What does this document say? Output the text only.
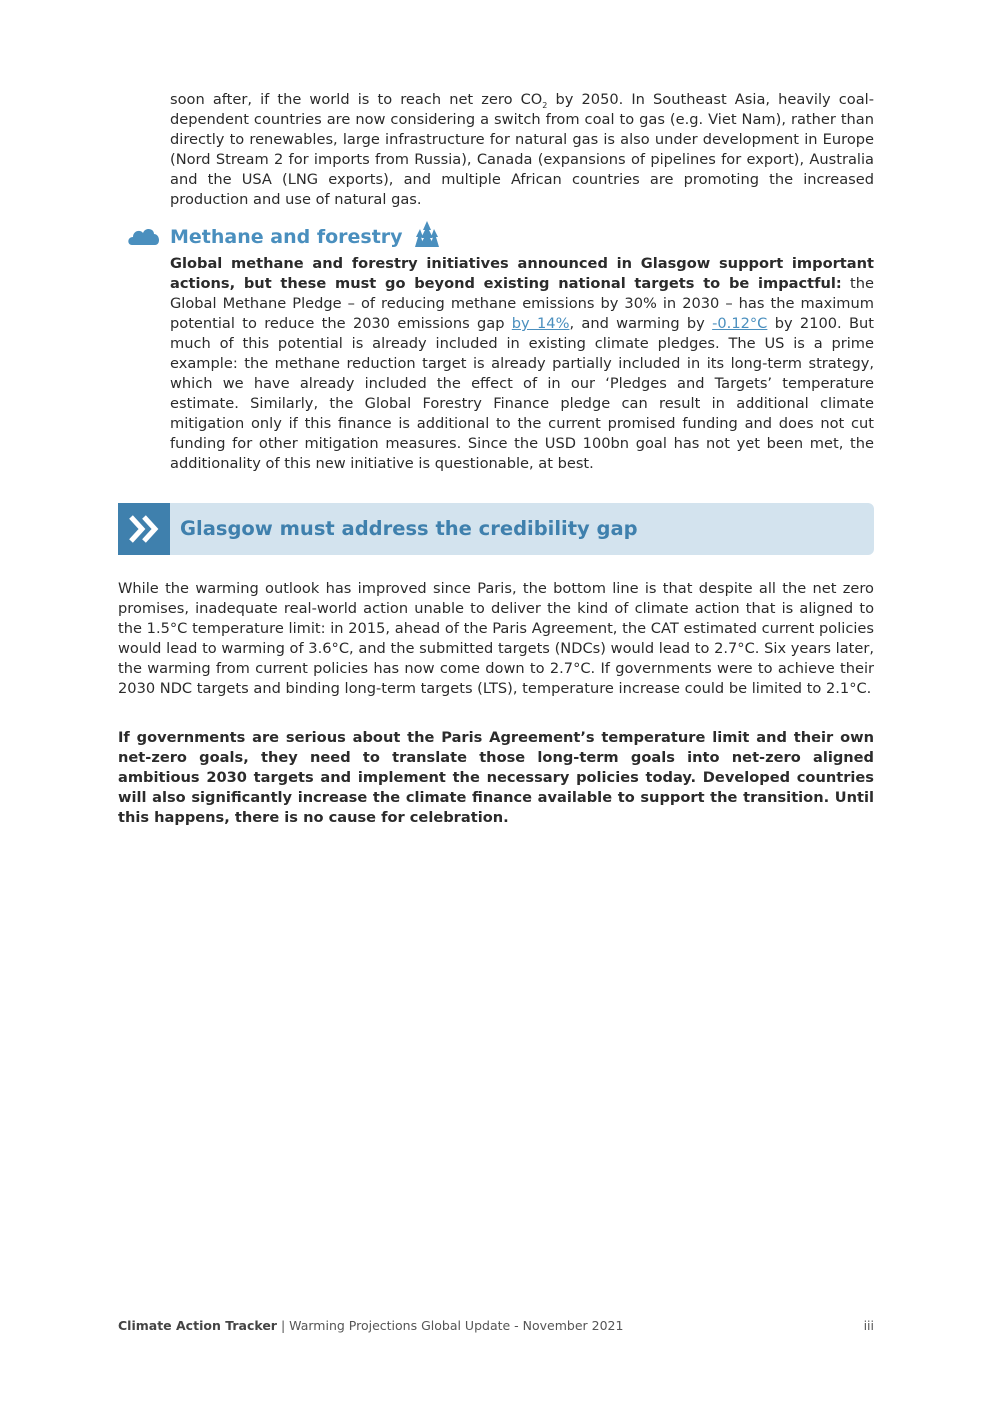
soon after, if the world is to reach net zero $CO_2$ by 2050. In Southeast Asia, heavily coal-dependent countries are now considering a switch from coal to gas (e.g. Viet Nam), rather than directly to renewables, large infrastructure for natural gas is also under development in Europe (Nord Stream 2 for imports from Russia), Canada (expansions of pipelines for export), Australia and the USA (LNG exports), and multiple African countries are promoting the increased production and use of natural gas.

Methane and forestry

Global methane and forestry initiatives announced in Glasgow support important actions, but these must go beyond existing national targets to be impactful: the Global Methane Pledge – of reducing methane emissions by 30% in 2030 – has the maximum potential to reduce the 2030 emissions gap by 14%, and warming by -0.12°C by 2100. But much of this potential is already included in existing climate pledges. The US is a prime example: the methane reduction target is already partially included in its long-term strategy, which we have already included the effect of in our ‘Pledges and Targets’ temperature estimate. Similarly, the Global Forestry Finance pledge can result in additional climate mitigation only if this finance is additional to the current promised funding and does not cut funding for other mitigation measures. Since the USD 100bn goal has not yet been met, the additionality of this new initiative is questionable, at best.

Glasgow must address the credibility gap

While the warming outlook has improved since Paris, the bottom line is that despite all the net zero promises, inadequate real-world action unable to deliver the kind of climate action that is aligned to the 1.5°C temperature limit: in 2015, ahead of the Paris Agreement, the CAT estimated current policies would lead to warming of 3.6°C, and the submitted targets (NDCs) would lead to 2.7°C. Six years later, the warming from current policies has now come down to 2.7°C. If governments were to achieve their 2030 NDC targets and binding long-term targets (LTS), temperature increase could be limited to 2.1°C.

If governments are serious about the Paris Agreement’s temperature limit and their own net-zero goals, they need to translate those long-term goals into net-zero aligned ambitious 2030 targets and implement the necessary policies today. Developed countries will also significantly increase the climate finance available to support the transition. Until this happens, there is no cause for celebration.

Climate Action Tracker | Warming Projections Global Update - November 2021	iii
